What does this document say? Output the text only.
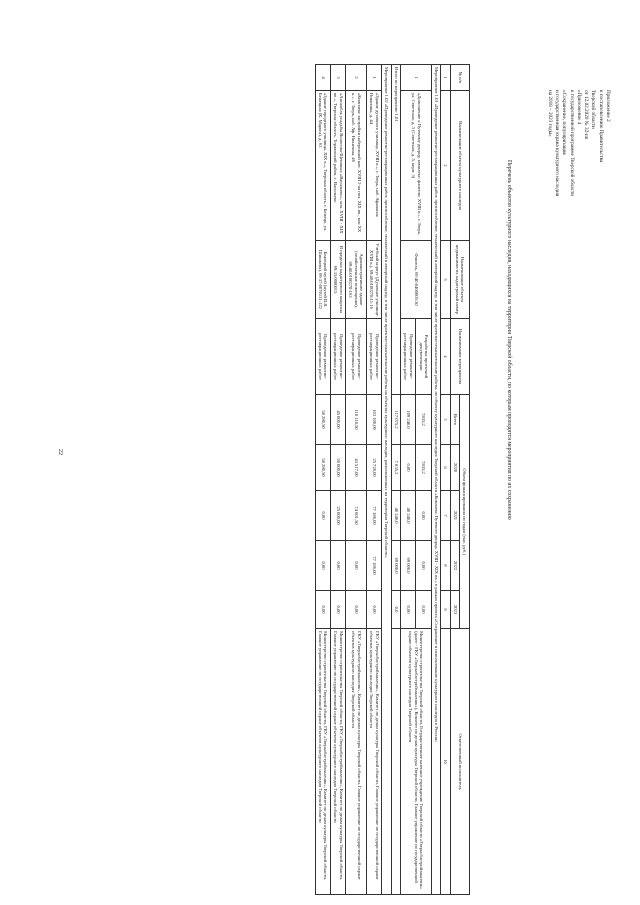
22
Приложение 2
к постановлению Правительства
Тверской области
от 12.02.2020 № 32-пп
«Приложение 4
к государственной программе Тверской области
«Сохранение, популяризация
и государственная охрана культурного наследия
на 2018 – 2023 годы»
Перечень объектов культурного наследия, находящихся на территории Тверской области, по которым проводятся мероприятия по их сохранению
№ п/п	Наименование объекта культурного наследия	Наименование объекта недвижимости, кадастровый номер	Наименование мероприятия	Объем финансирования по годам (тыс. руб.)					Ответственный исполнитель
				Всего	2020	2021	2022	2023	
1	2	3	4	5	6	7	8	9	10
Мероприятие 1.01 «Проведение ремонтно-реставрационных работ, приспособление, технический и авторский надзор, в том числе проектно-изыскательские работы, по объекту культурного наследия Тверской области «Комплекс Путевого дворца, XVIII - XIX вв.» в рамках проекта «Сохранение и использование культурного наследия в России»									
1	«Дополнение к Путевому дворцу, комплекс: флигели, XVIII в.», г. Тверь, ул. Советская, д. 3 (Советская, д. 5, корп. 3)	Флигель, 69:40:0400005:30	Разработка проектной документации	7835,2	7835,2	0,00	0,00	0,00	Министерство строительства Тверской области, Государственное казенное учреждение Тверской области «Тверьоблстройзаказчик» (далее - ГКУ «Тверьоблстройзаказчик»), Комитет по делам культуры Тверской области, Главное управление по государственной охране объектов культурного наследия Тверской области
			Проведение ремонтно-реставрационных работ	109 240,0	0,00	40 240,0	69 000,0	0,00	
Итого по мероприятию 1.01				117 075,2	7 835,2	40 240,0	69 000,0	0,0	
Мероприятие 1.02 «Проведение ремонтно-реставрационных работ, приспособление, технический и авторский надзор, в том числе проектно-изыскательские работы на объектах культурного наследия, расположенных на территории Тверской области»									
1	«Здание духовного училища, XVIII в.», г. Тверь, наб. Афанасия Никитина, д. 44	Учебный корпус (Духовное училище XVIII в.), 69:40:0100278:11:16	Проведение ремонтно-реставрационных работ	103 100,00	25 728,00	77 186,00	77 186,00	0,00	ГКУ «Тверьоблстройзаказчик», Комитет по делам культуры Тверской области, Главное управление по государственной охране объектов культурного наследия Тверской области
2	«Комплекс застройки набережной нач. XVIII 2-ая пол. XIX вв., кон XX в.», г. Тверь, наб. Аф. Никитина, 46	Административное здание (хозяйственные помещения), 69:40:0100278:163	Проведение ремонтно-реставрационных работ	118 118,50	43 517,00	74 601,50	0,00	0,00	ГКУ «Тверьоблстройзаказчик», Комитет по делам культуры Тверской области, Главное управление по государственной охране объектов культурного наследия Тверской области
3	«Ансамбль усадьбы Волосова-Щепиных «Васильево», кон. XVIII - XIX вв.», Тверская область, Торжокский район, с. Васильево	В пределах кадастрового квартала 69:33:0000015	Проведение ремонтно-реставрационных работ	45 000,00	20 000,00	25 000,00	0,00	0,00	Министерство строительства Тверской области, ГКУ «Тверьоблстройзаказчик», Комитет по делам культуры Тверской области, Главное управление по государственной охране объектов культурного наследия Тверской области
4	«Здание городского училища, XIX в.», Тверская область, г. Бежецк, ул. Бежецкая (К. Маркса), д. 63	Бежецкий музей (музей В.Я. Шишкова), 69:37:0070131:122	Проведение ремонтно-реставрационных работ	58 280,50	58 280,50	0,00	0,00	0,00	Министерство строительства Тверской области, ГКУ «Тверьоблстройзаказчик», Комитет по делам культуры Тверской области, Главное управление по государственной охране объектов культурного наследия Тверской области
